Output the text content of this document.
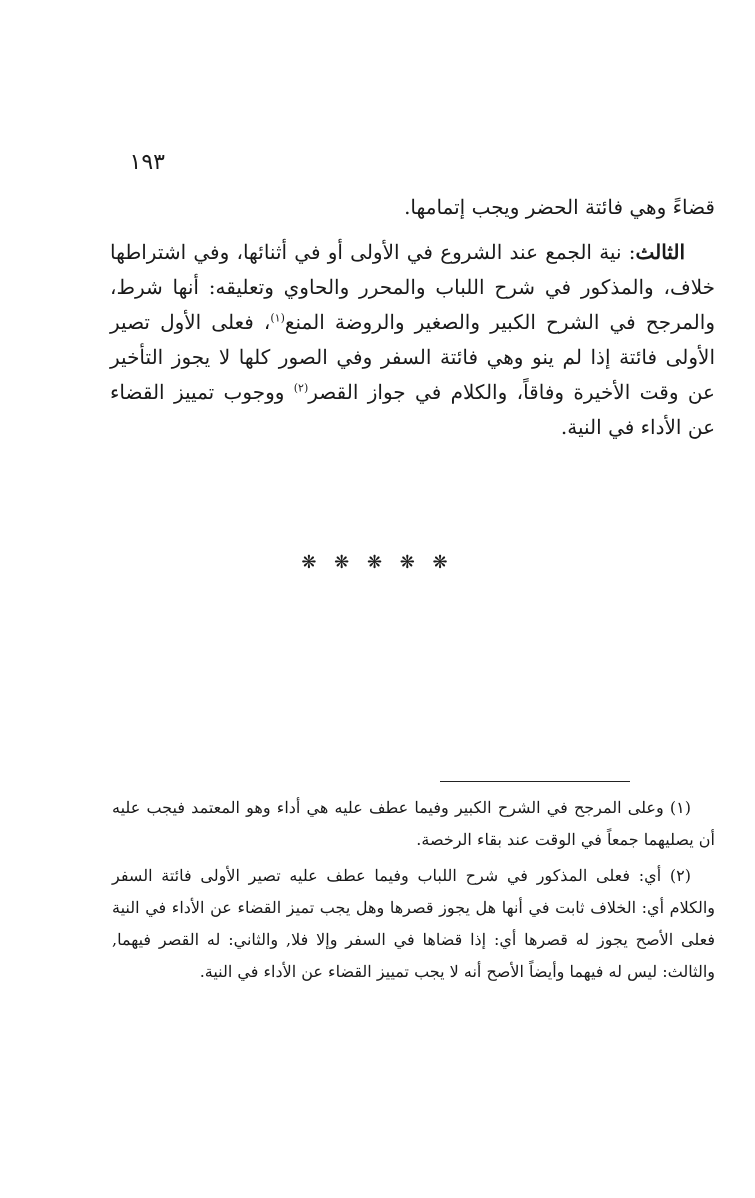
١٩٣

قضاءً وهي فائتة الحضر ويجب إتمامها.

الثالث: نية الجمع عند الشروع في الأولى أو في أثنائها، وفي اشتراطها خلاف، والمذكور في شرح اللباب والمحرر والحاوي وتعليقه: أنها شرط، والمرجح في الشرح الكبير والصغير والروضة المنع$^{(١)}$، فعلى الأول تصير الأولى فائتة إذا لم ينو وهي فائتة السفر وفي الصور كلها لا يجوز التأخير عن وقت الأخيرة وفاقاً، والكلام في جواز القصر$^{(٢)}$ ووجوب تمييز القضاء عن الأداء في النية.

❋ ❋ ❋ ❋ ❋

(١) وعلى المرجح في الشرح الكبير وفيما عطف عليه هي أداء وهو المعتمد فيجب عليه أن يصليهما جمعاً في الوقت عند بقاء الرخصة.

(٢) أي: فعلى المذكور في شرح اللباب وفيما عطف عليه تصير الأولى فائتة السفر والكلام أي: الخلاف ثابت في أنها هل يجوز قصرها وهل يجب تميز القضاء عن الأداء في النية فعلى الأصح يجوز له قصرها أي: إذا قضاها في السفر وإلا فلا, والثاني: له القصر فيهما, والثالث: ليس له فيهما وأيضاً الأصح أنه لا يجب تمييز القضاء عن الأداء في النية.
